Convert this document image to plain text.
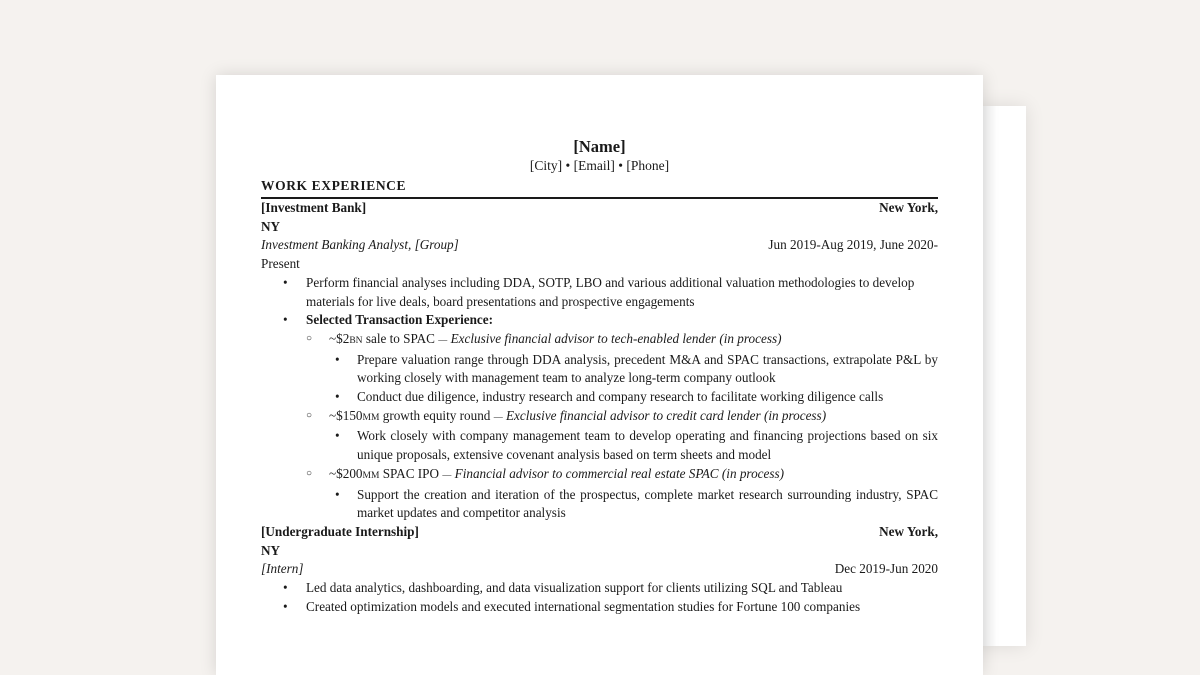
[Name]
[City] • [Email] • [Phone]
WORK EXPERIENCE
[Investment Bank]	New York,
NY
Investment Banking Analyst, [Group]	Jun 2019-Aug 2019, June 2020-
Present
• Perform financial analyses including DDA, SOTP, LBO and various additional valuation methodologies to develop materials for live deals, board presentations and prospective engagements
• Selected Transaction Experience:
○ ~$2BN sale to SPAC — Exclusive financial advisor to tech-enabled lender (in process)
• Prepare valuation range through DDA analysis, precedent M&A and SPAC transactions, extrapolate P&L by working closely with management team to analyze long-term company outlook
• Conduct due diligence, industry research and company research to facilitate working diligence calls
○ ~$150MM growth equity round — Exclusive financial advisor to credit card lender (in process)
• Work closely with company management team to develop operating and financing projections based on six unique proposals, extensive covenant analysis based on term sheets and model
○ ~$200MM SPAC IPO — Financial advisor to commercial real estate SPAC (in process)
• Support the creation and iteration of the prospectus, complete market research surrounding industry, SPAC market updates and competitor analysis
[Undergraduate Internship]	New York,
NY
[Intern]	Dec 2019-Jun 2020
• Led data analytics, dashboarding, and data visualization support for clients utilizing SQL and Tableau
• Created optimization models and executed international segmentation studies for Fortune 100 companies
